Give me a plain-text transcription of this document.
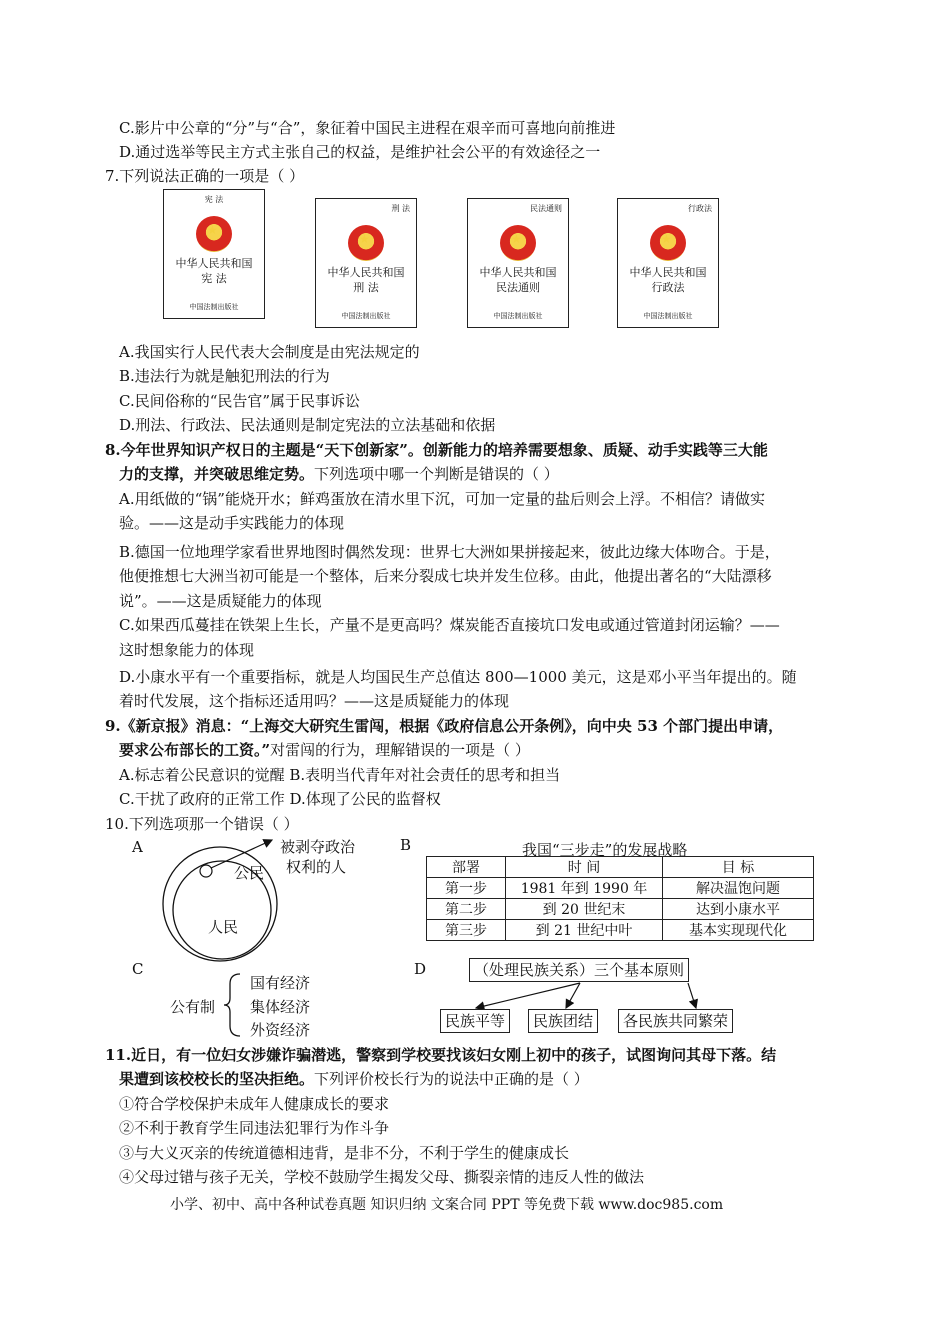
C.影片中公章的“分”与“合”，象征着中国民主进程在艰辛而可喜地向前推进
D.通过选举等民主方式主张自己的权益，是维护社会公平的有效途径之一
7.下列说法正确的一项是（ ）
宪 法
★
中华人民共和国
宪 法
中国法制出版社
刑 法
★
中华人民共和国
刑 法
中国法制出版社
民法通则
★
中华人民共和国
民法通则
中国法制出版社
行政法
★
中华人民共和国
行政法
中国法制出版社
A.我国实行人民代表大会制度是由宪法规定的
B.违法行为就是触犯刑法的行为
C.民间俗称的“民告官”属于民事诉讼
D.刑法、行政法、民法通则是制定宪法的立法基础和依据
8.今年世界知识产权日的主题是“天下创新家”。创新能力的培养需要想象、质疑、动手实践等三大能
力的支撑，并突破思维定势。下列选项中哪一个判断是错误的（ ）
A.用纸做的“锅”能烧开水；鲜鸡蛋放在清水里下沉，可加一定量的盐后则会上浮。不相信？请做实
验。——这是动手实践能力的体现
B.德国一位地理学家看世界地图时偶然发现：世界七大洲如果拼接起来，彼此边缘大体吻合。于是，
他便推想七大洲当初可能是一个整体，后来分裂成七块并发生位移。由此，他提出著名的“大陆漂移
说”。——这是质疑能力的体现
C.如果西瓜蔓挂在铁架上生长，产量不是更高吗？煤炭能否直接坑口发电或通过管道封闭运输？——
这时想象能力的体现
D.小康水平有一个重要指标，就是人均国民生产总值达 800—1000 美元，这是邓小平当年提出的。随
着时代发展，这个指标还适用吗？——这是质疑能力的体现
9.《新京报》消息：“上海交大研究生雷闯，根据《政府信息公开条例》，向中央 53 个部门提出申请，
要求公布部长的工资。”对雷闯的行为，理解错误的一项是（ ）
A.标志着公民意识的觉醒 B.表明当代青年对社会责任的思考和担当
C.干扰了政府的正常工作 D.体现了公民的监督权
10.下列选项那一个错误（ ）
A
公民
人民
被剥夺政治
权利的人
B	我国“三步走”的发展战略
部署	时 间	目 标
第一步	1981 年到 1990 年	解决温饱问题
第二步	到 20 世纪末	达到小康水平
第三步	到 21 世纪中叶	基本实现现代化
C
公有制
国有经济
集体经济
外资经济
D	（处理民族关系）三个基本原则
民族平等	民族团结	各民族共同繁荣
11.近日，有一位妇女涉嫌诈骗潜逃，警察到学校要找该妇女刚上初中的孩子，试图询问其母下落。结
果遭到该校校长的坚决拒绝。下列评价校长行为的说法中正确的是（ ）
①符合学校保护未成年人健康成长的要求
②不利于教育学生同违法犯罪行为作斗争
③与大义灭亲的传统道德相违背，是非不分，不利于学生的健康成长
④父母过错与孩子无关，学校不鼓励学生揭发父母、撕裂亲情的违反人性的做法
小学、初中、高中各种试卷真题 知识归纳 文案合同 PPT 等免费下载 www.doc985.com
